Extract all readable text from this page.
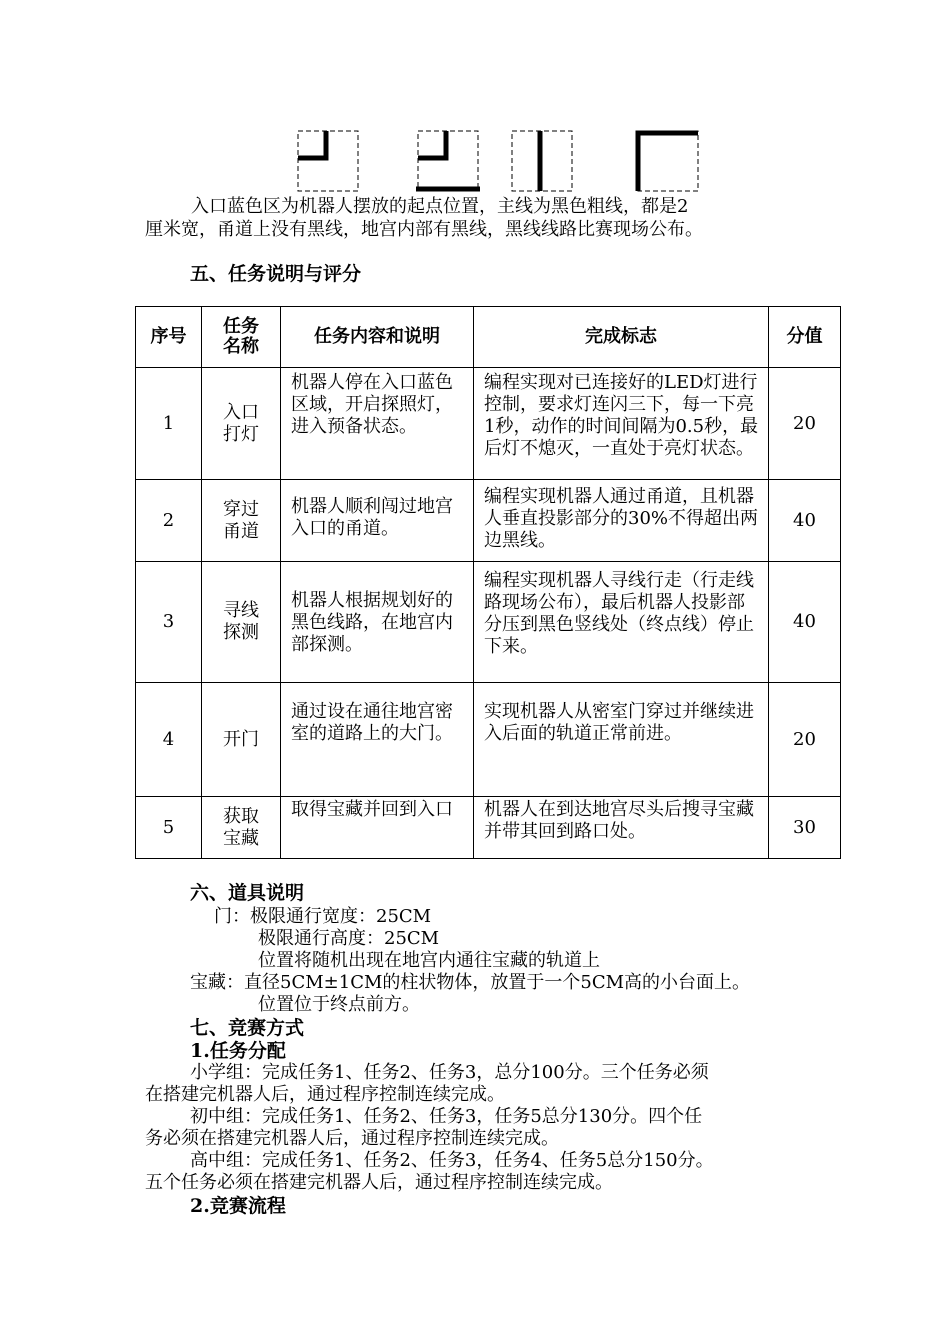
入口蓝色区为机器人摆放的起点位置，主线为黑色粗线，都是2
厘米宽，甬道上没有黑线，地宫内部有黑线，黑线线路比赛现场公布。
五、任务说明与评分
序号	任务名称	任务内容和说明	完成标志	分值
1	入口打灯	机器人停在入口蓝色区域，开启探照灯，进入预备状态。	编程实现对已连接好的LED灯进行控制，要求灯连闪三下，每一下亮1秒，动作的时间间隔为0.5秒，最后灯不熄灭，一直处于亮灯状态。	20
2	穿过甬道	机器人顺利闯过地宫入口的甬道。	编程实现机器人通过甬道，且机器人垂直投影部分的30%不得超出两边黑线。	40
3	寻线探测	机器人根据规划好的黑色线路，在地宫内部探测。	编程实现机器人寻线行走（行走线路现场公布），最后机器人投影部分压到黑色竖线处（终点线）停止下来。	40
4	开门	通过设在通往地宫密室的道路上的大门。	实现机器人从密室门穿过并继续进入后面的轨道正常前进。	20
5	获取宝藏	取得宝藏并回到入口	机器人在到达地宫尽头后搜寻宝藏并带其回到路口处。	30
六、道具说明
门：极限通行宽度：25CM
极限通行高度：25CM
位置将随机出现在地宫内通往宝藏的轨道上
宝藏：直径5CM±1CM的柱状物体，放置于一个5CM高的小台面上。
位置位于终点前方。
七、竞赛方式
1.任务分配
小学组：完成任务1、任务2、任务3，总分100分。三个任务必须
在搭建完机器人后，通过程序控制连续完成。
初中组：完成任务1、任务2、任务3，任务5总分130分。四个任
务必须在搭建完机器人后，通过程序控制连续完成。
高中组：完成任务1、任务2、任务3，任务4、任务5总分150分。
五个任务必须在搭建完机器人后，通过程序控制连续完成。
2.竞赛流程
